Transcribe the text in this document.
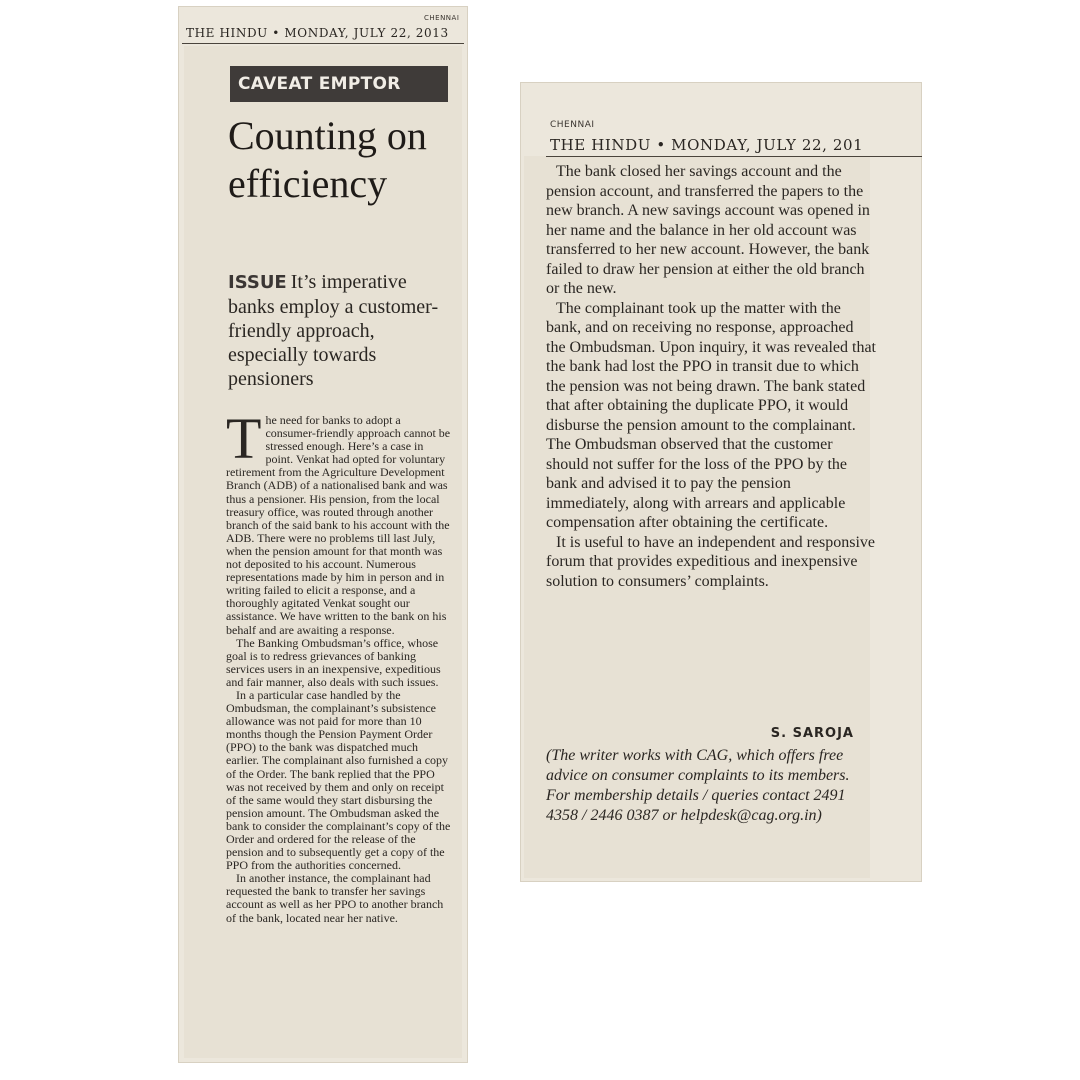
CHENNAI
THE HINDU • MONDAY, JULY 22, 2013
CAVEAT EMPTOR
Counting on efficiency

ISSUE It’s imperative banks employ a customer-friendly approach, especially towards pensioners

The need for banks to adopt a consumer-friendly approach cannot be stressed enough. Here’s a case in point. Venkat had opted for voluntary retirement from the Agriculture Development Branch (ADB) of a nationalised bank and was thus a pensioner. His pension, from the local treasury office, was routed through another branch of the said bank to his account with the ADB. There were no problems till last July, when the pension amount for that month was not deposited to his account. Numerous representations made by him in person and in writing failed to elicit a response, and a thoroughly agitated Venkat sought our assistance. We have written to the bank on his behalf and are awaiting a response.

The Banking Ombudsman’s office, whose goal is to redress grievances of banking services users in an inexpensive, expeditious and fair manner, also deals with such issues.

In a particular case handled by the Ombudsman, the complainant’s subsistence allowance was not paid for more than 10 months though the Pension Payment Order (PPO) to the bank was dispatched much earlier. The complainant also furnished a copy of the Order. The bank replied that the PPO was not received by them and only on receipt of the same would they start disbursing the pension amount. The Ombudsman asked the bank to consider the complainant’s copy of the Order and ordered for the release of the pension and to subsequently get a copy of the PPO from the authorities concerned.

In another instance, the complainant had requested the bank to transfer her savings account as well as her PPO to another branch of the bank, located near her native.

CHENNAI
THE HINDU • MONDAY, JULY 22, 201

The bank closed her savings account and the pension account, and transferred the papers to the new branch. A new savings account was opened in her name and the balance in her old account was transferred to her new account. However, the bank failed to draw her pension at either the old branch or the new.

The complainant took up the matter with the bank, and on receiving no response, approached the Ombudsman. Upon inquiry, it was revealed that the bank had lost the PPO in transit due to which the pension was not being drawn. The bank stated that after obtaining the duplicate PPO, it would disburse the pension amount to the complainant. The Ombudsman observed that the customer should not suffer for the loss of the PPO by the bank and advised it to pay the pension immediately, along with arrears and applicable compensation after obtaining the certificate.

It is useful to have an independent and responsive forum that provides expeditious and inexpensive solution to consumers’ complaints.

S. SAROJA

(The writer works with CAG, which offers free advice on consumer complaints to its members. For membership details / queries contact 2491 4358 / 2446 0387 or helpdesk@cag.org.in)
